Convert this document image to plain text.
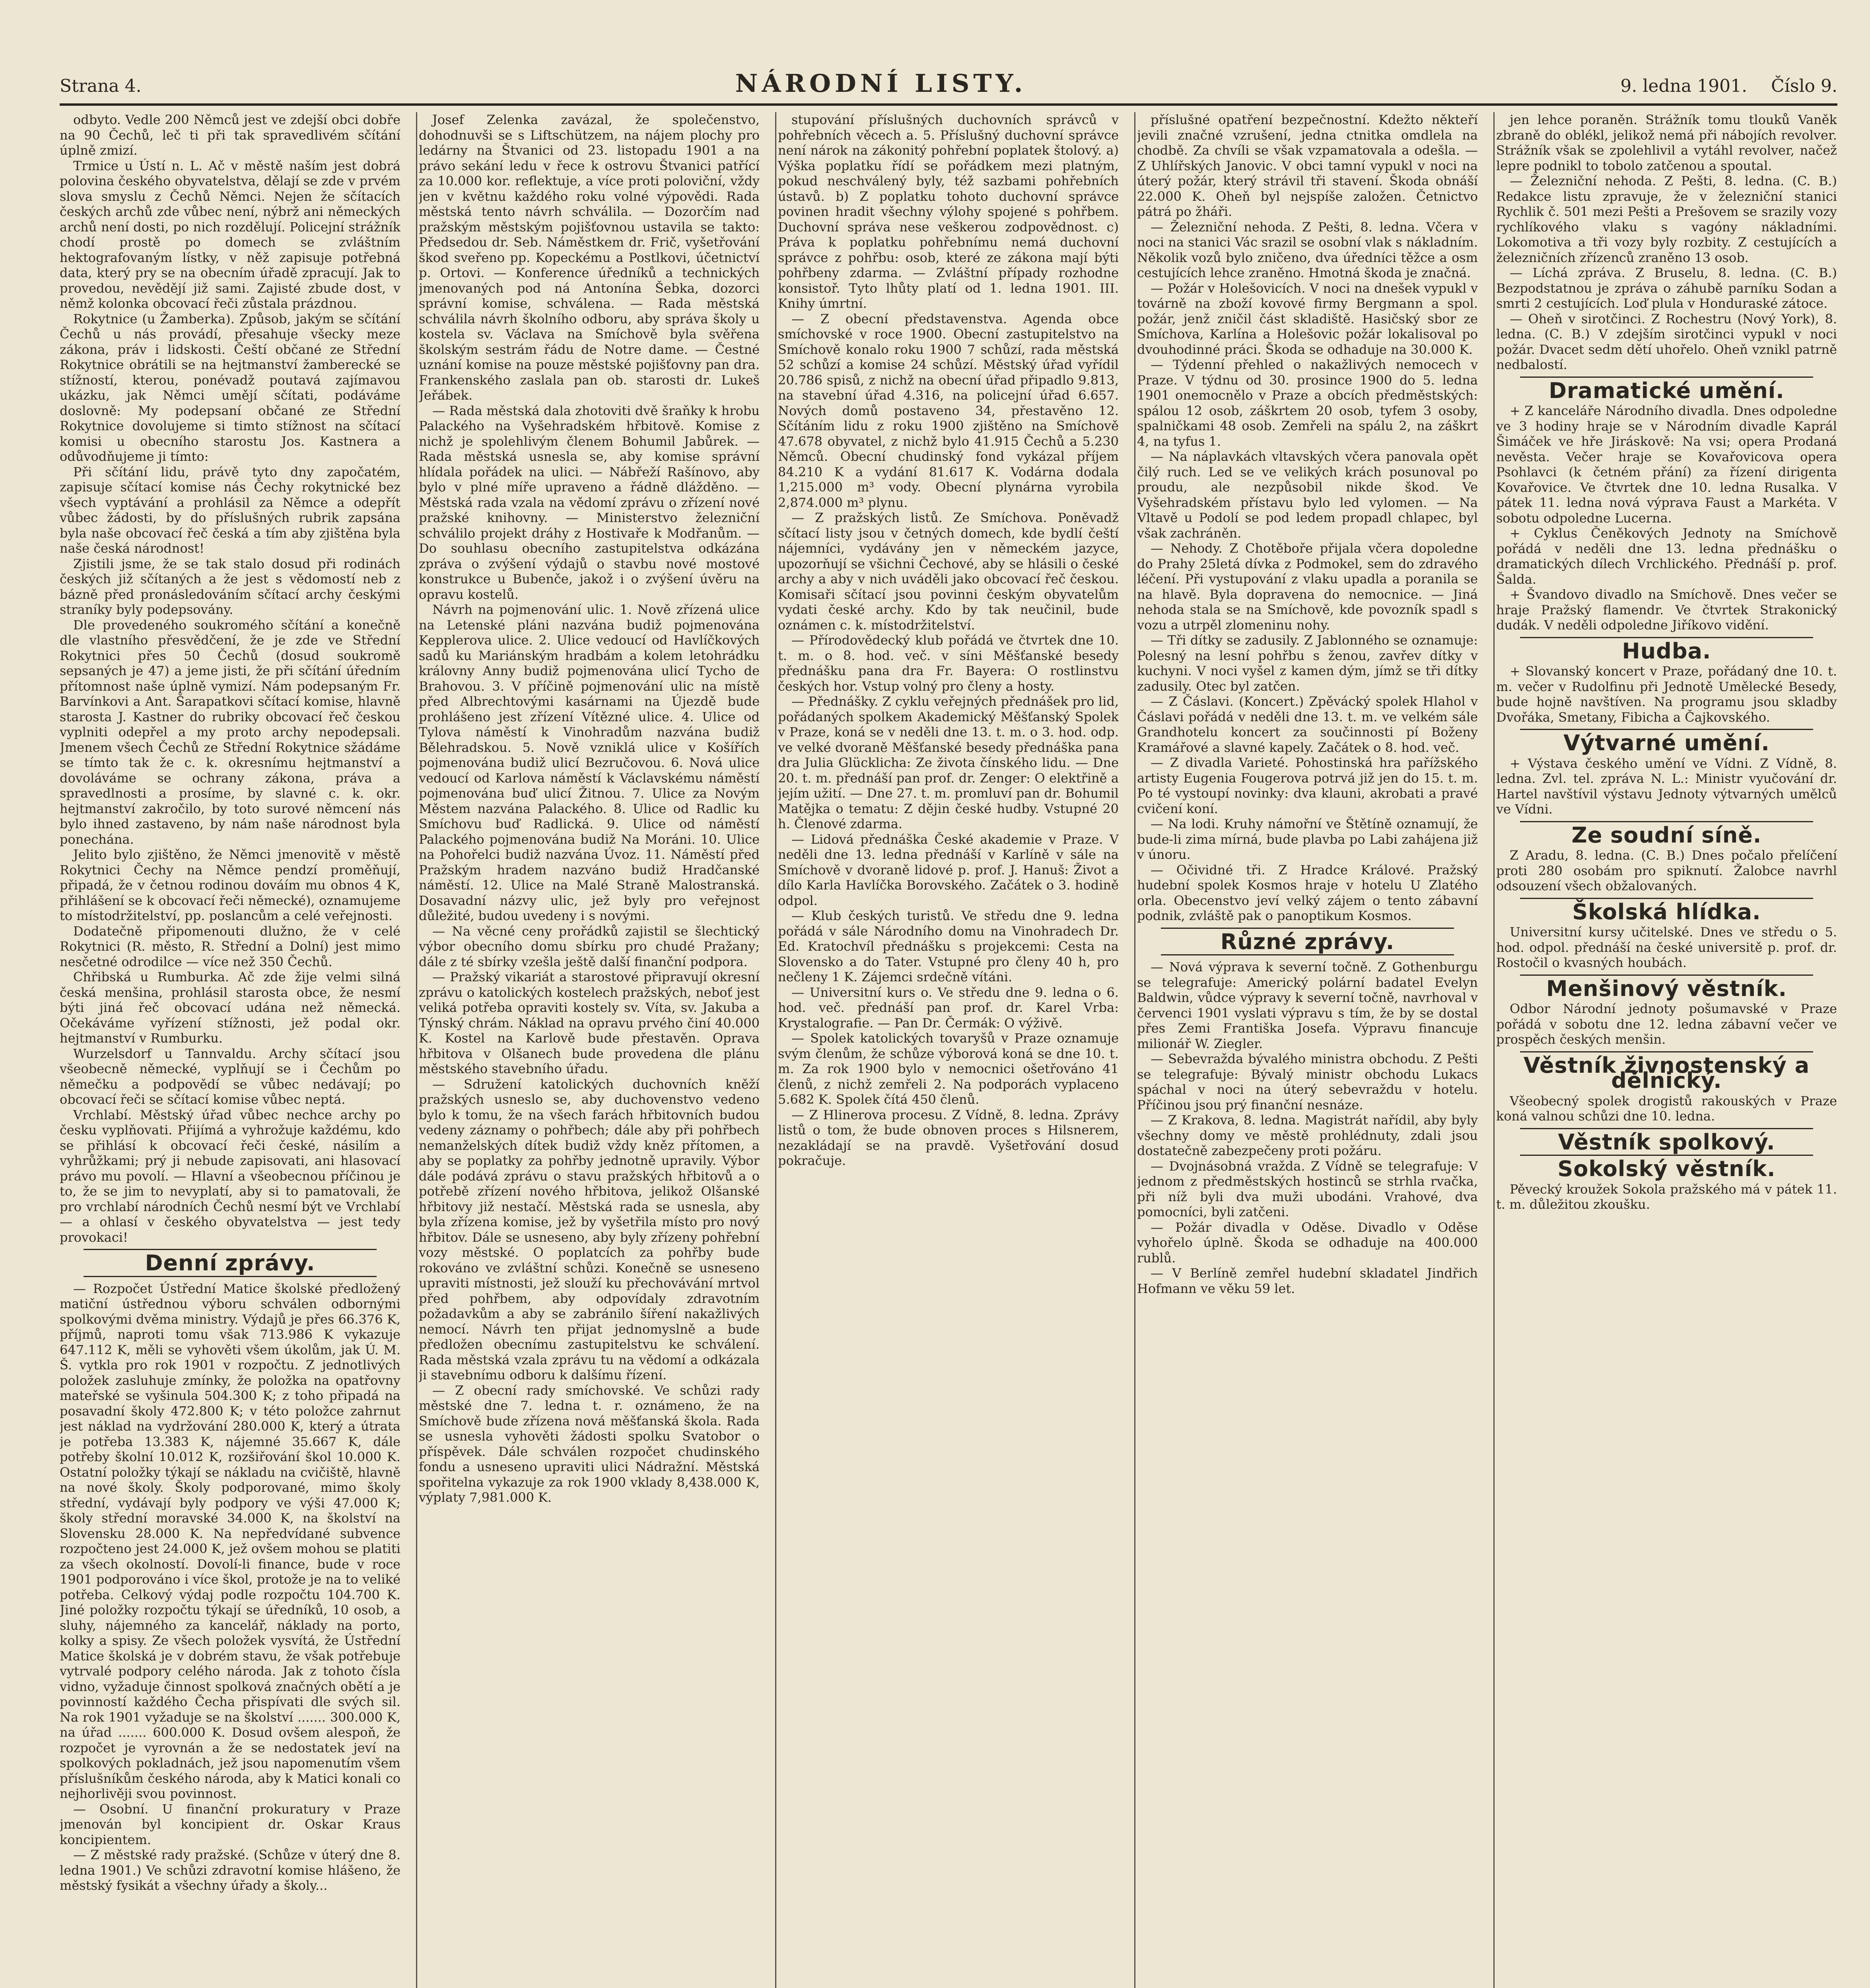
Strana 4.	NÁRODNÍ LISTY.	9. ledna 1901. Číslo 9.

odbyto. Vedle 200 Němců jest ve zdejší obci dobře na 90 Čechů, leč ti při tak spravedlivém sčítání úplně zmizí.

Trmice u Ústí n. L. Ač v městě naším jest dobrá polovina českého obyvatelstva, dělají se zde v prvém slova smyslu z Čechů Němci. Nejen že sčítacích českých archů zde vůbec není, nýbrž ani německých archů není dosti, po nich rozdělují. Policejní strážník chodí prostě po domech se zvláštním hektografovaným lístky, v něž zapisuje potřebná data, který pry se na obecním úřadě zpracují. Jak to provedou, nevědějí již sami. Zajisté zbude dost, v němž kolonka obcovací řeči zůstala prázdnou.

Rokytnice (u Žamberka). Způsob, jakým se sčítání Čechů u nás provádí, přesahuje všecky meze zákona, práv i lidskosti. Čeští občané ze Střední Rokytnice obrátili se na hejtmanství žamberecké se stížností, kterou, ponévadž poutavá zajímavou ukázku, jak Němci umějí sčítati, podáváme doslovně: My podepsaní občané ze Střední Rokytnice dovolujeme si timto stížnost na sčítací komisi u obecního starostu Jos. Kastnera a odůvodňujeme ji tímto:

Při sčítání lidu, právě tyto dny započatém, zapisuje sčítací komise nás Čechy rokytnické bez všech vyptávání a prohlásil za Němce a odepřít vůbec žádosti, by do příslušných rubrik zapsána byla naše obcovací řeč česká a tím aby zjištěna byla naše česká národnost!

Zjistili jsme, že se tak stalo dosud při rodinách českých již sčítaných a že jest s vědomostí neb z bázně před pronásledováním sčítací archy českými straníky byly podepsovány.

Dle provedeného soukromého sčítání a konečně dle vlastního přesvědčení, že je zde ve Střední Rokytnici přes 50 Čechů (dosud soukromě sepsaných je 47) a jeme jisti, že při sčítání úředním přítomnost naše úplně vymizí. Nám podepsaným Fr. Barvínkovi a Ant. Šarapatkovi sčítací komise, hlavně starosta J. Kastner do rubriky obcovací řeč českou vyplniti odepřel a my proto archy nepodepsali. Jmenem všech Čechů ze Střední Rokytnice sžádáme se tímto tak že c. k. okresnímu hejtmanství a dovoláváme se ochrany zákona, práva a spravedlnosti a prosíme, by slavné c. k. okr. hejtmanství zakročilo, by toto surové němcení nás bylo ihned zastaveno, by nám naše národnost byla ponechána.

Jelito bylo zjištěno, že Němci jmenovitě v městě Rokytnici Čechy na Němce pendzí proměňují, připadá, že v četnou rodinou dováím mu obnos 4 K, přihlášení se k obcovací řeči německé), oznamujeme to místodržitelství, pp. poslancům a celé veřejnosti.

Dodatečně připomenouti dlužno, že v celé Rokytnici (R. město, R. Střední a Dolní) jest mimo nesčetné odrodilce — více než 350 Čechů.

Chřibská u Rumburka. Ač zde žije velmi silná česká menšina, prohlásil starosta obce, že nesmí býti jiná řeč obcovací udána než německá. Očekáváme vyřízení stížnosti, jež podal okr. hejtmanství v Rumburku.

Wurzelsdorf u Tannvaldu. Archy sčítací jsou všeobecně německé, vyplňují se i Čechům po němečku a podpovědí se vůbec nedávají; po obcovací řeči se sčítací komise vůbec neptá.

Vrchlabí. Městský úřad vůbec nechce archy po česku vyplňovati. Přijímá a vyhrožuje každému, kdo se přihlásí k obcovací řeči české, násilím a vyhrůžkami; prý ji nebude zapisovati, ani hlasovací právo mu povolí. — Hlavní a všeobecnou příčinou je to, že se jim to nevyplatí, aby si to pamatovali, že pro vrchlabí národních Čechů nesmí být ve Vrchlabí — a ohlasí v českého obyvatelstva — jest tedy provokaci!

Denní zprávy.

— Rozpočet Ústřední Matice školské předložený matiční ústřednou výboru schválen odbornými spolkovými dvěma ministry. Výdajů je přes 66.376 K, příjmů, naproti tomu však 713.986 K vykazuje 647.112 K, měli se vyhověti všem úkolům, jak Ú. M. Š. vytkla pro rok 1901 v rozpočtu. Z jednotlivých položek zasluhuje zmínky, že položka na opatřovny mateřské se vyšinula 504.300 K; z toho připadá na posavadní školy 472.800 K; v této položce zahrnut jest náklad na vydržování 280.000 K, který a útrata je potřeba 13.383 K, nájemné 35.667 K, dále potřeby školní 10.012 K, rozšiřování škol 10.000 K. Ostatní položky týkají se nákladu na cvičiště, hlavně na nové školy. Školy podporované, mimo školy střední, vydávají byly podpory ve výši 47.000 K; školy střední moravské 34.000 K, na školství na Slovensku 28.000 K. Na nepředvídané subvence rozpočteno jest 24.000 K, jež ovšem mohou se platiti za všech okolností. Dovolí-li finance, bude v roce 1901 podporováno i více škol, protože je na to veliké potřeba. Celkový výdaj podle rozpočtu 104.700 K. Jiné položky rozpočtu týkají se úředníků, 10 osob, a sluhy, nájemného za kancelář, náklady na porto, kolky a spisy. Ze všech položek vysvítá, že Ústřední Matice školská je v dobrém stavu, že však potřebuje vytrvalé podpory celého národa. Jak z tohoto čísla vidno, vyžaduje činnost spolková značných obětí a je povinností každého Čecha přispívati dle svých sil. Na rok 1901 vyžaduje se na školství ....... 300.000 K, na úřad ....... 600.000 K. Dosud ovšem alespoň, že rozpočet je vyrovnán a že se nedostatek jeví na spolkových pokladnách, jež jsou napomenutím všem příslušníkům českého národa, aby k Matici konali co nejhorlivěji svou povinnost.

— Osobní. U finanční prokuratury v Praze jmenován byl koncipient dr. Oskar Kraus koncipientem.

— Z městské rady pražské. (Schůze v úterý dne 8. ledna 1901.) Ve schůzi zdravotní komise hlášeno, že městský fysikát a všechny úřady a školy...

Josef Zelenka zavázal, že společenstvo, dohodnuvši se s Liftschützem, na nájem plochy pro ledárny na Štvanici od 23. listopadu 1901 a na právo sekání ledu v řece k ostrovu Štvanici patřící za 10.000 kor. reflektuje, a více proti poloviční, vždy jen v květnu každého roku volné výpovědi. Rada městská tento návrh schválila. — Dozorčím nad pražským městským pojišťovnou ustavila se takto: Předsedou dr. Seb. Náměstkem dr. Frič, vyšetřování škod sveřeno pp. Kopeckému a Postlkovi, účetnictví p. Ortovi. — Konference úředníků a technických jmenovaných pod ná Antonína Šebka, dozorci správní komise, schválena. — Rada městská schválila návrh školního odboru, aby správa školy u kostela sv. Václava na Smíchově byla svěřena školským sestrám řádu de Notre dame. — Čestné uznání komise na pouze městské pojišťovny pan dra. Frankenského zaslala pan ob. starosti dr. Lukeš Jeřábek.

— Rada městská dala zhotoviti dvě šraňky k hrobu Palackého na Vyšehradském hřbitově. Komise z nichž je spolehlivým členem Bohumil Jabůrek. — Rada městská usnesla se, aby komise správní hlídala pořádek na ulici. — Nábřeží Rašínovo, aby bylo v plné míře upraveno a řádně dlážděno. — Městská rada vzala na vědomí zprávu o zřízení nové pražské knihovny. — Ministerstvo železniční schválilo projekt dráhy z Hostivaře k Modřanům. — Do souhlasu obecního zastupitelstva odkázána zpráva o zvýšení výdajů o stavbu nové mostové konstrukce u Bubenče, jakož i o zvýšení úvěru na opravu kostelů.

Návrh na pojmenování ulic. 1. Nově zřízená ulice na Letenské pláni nazvána budiž pojmenována Kepplerova ulice. 2. Ulice vedoucí od Havlíčkových sadů ku Mariánským hradbám a kolem letohrádku královny Anny budiž pojmenována ulicí Tycho de Brahovou. 3. V příčině pojmenování ulic na místě před Albrechtovými kasárnami na Újezdě bude prohlášeno jest zřízení Vítězné ulice. 4. Ulice od Tylova náměstí k Vinohradům nazvána budiž Bělehradskou. 5. Nově vzniklá ulice v Košířích pojmenována budiž ulicí Bezručovou. 6. Nová ulice vedoucí od Karlova náměstí k Václavskému náměstí pojmenována buď ulicí Žitnou. 7. Ulice za Novým Městem nazvána Palackého. 8. Ulice od Radlic ku Smíchovu buď Radlická. 9. Ulice od náměstí Palackého pojmenována budiž Na Moráni. 10. Ulice na Pohořelci budiž nazvána Úvoz. 11. Náměstí před Pražským hradem nazváno budiž Hradčanské náměstí. 12. Ulice na Malé Straně Malostranská. Dosavadní názvy ulic, jež byly pro veřejnost důležité, budou uvedeny i s novými.

— Na věcné ceny prořádků zajistil se šlechtický výbor obecního domu sbírku pro chudé Pražany; dále z té sbírky vzešla ještě další finanční podpora.

— Pražský vikariát a starostové připravují okresní zprávu o katolických kostelech pražských, neboť jest veliká potřeba opraviti kostely sv. Víta, sv. Jakuba a Týnský chrám. Náklad na opravu prvého činí 40.000 K. Kostel na Karlově bude přestavěn. Oprava hřbitova v Olšanech bude provedena dle plánu městského stavebního úřadu.

— Sdružení katolických duchovních kněží pražských usneslo se, aby duchovenstvo vedeno bylo k tomu, že na všech farách hřbitovních budou vedeny záznamy o pohřbech; dále aby při pohřbech nemanželských dítek budiž vždy kněz přítomen, a aby se poplatky za pohřby jednotně upravily. Výbor dále podává zprávu o stavu pražských hřbitovů a o potřebě zřízení nového hřbitova, jelikož Olšanské hřbitovy již nestačí. Městská rada se usnesla, aby byla zřízena komise, jež by vyšetřila místo pro nový hřbitov. Dále se usneseno, aby byly zřízeny pohřební vozy městské. O poplatcích za pohřby bude rokováno ve zvláštní schůzi. Konečně se usneseno upraviti místnosti, jež slouží ku přechovávání mrtvol před pohřbem, aby odpovídaly zdravotním požadavkům a aby se zabránilo šíření nakažlivých nemocí. Návrh ten přijat jednomyslně a bude předložen obecnímu zastupitelstvu ke schválení. Rada městská vzala zprávu tu na vědomí a odkázala ji stavebnímu odboru k dalšímu řízení.

— Z obecní rady smíchovské. Ve schůzi rady městské dne 7. ledna t. r. oznámeno, že na Smíchově bude zřízena nová měšťanská škola. Rada se usnesla vyhověti žádosti spolku Svatobor o příspěvek. Dále schválen rozpočet chudinského fondu a usneseno upraviti ulici Nádražní. Městská spořitelna vykazuje za rok 1900 vklady 8,438.000 K, výplaty 7,981.000 K.

stupování příslušných duchovních správců v pohřebních věcech a. 5. Příslušný duchovní správce není nárok na zákonitý pohřební poplatek štolový. a) Výška poplatku řídí se pořádkem mezi platným, pokud neschválený byly, též sazbami pohřebních ústavů. b) Z poplatku tohoto duchovní správce povinen hradit všechny výlohy spojené s pohřbem. Duchovní správa nese veškerou zodpovědnost. c) Práva k poplatku pohřebnímu nemá duchovní správce z pohřbu: osob, které ze zákona mají býti pohřbeny zdarma. — Zvláštní případy rozhodne konsistoř. Tyto lhůty platí od 1. ledna 1901. III. Knihy úmrtní.

— Z obecní představenstva. Agenda obce smíchovské v roce 1900. Obecní zastupitelstvo na Smíchově konalo roku 1900 7 schůzí, rada městská 52 schůzí a komise 24 schůzí. Městský úřad vyřídil 20.786 spisů, z nichž na obecní úřad připadlo 9.813, na stavební úřad 4.316, na policejní úřad 6.657. Nových domů postaveno 34, přestavěno 12. Sčítáním lidu z roku 1900 zjištěno na Smíchově 47.678 obyvatel, z nichž bylo 41.915 Čechů a 5.230 Němců. Obecní chudinský fond vykázal příjem 84.210 K a vydání 81.617 K. Vodárna dodala 1,215.000 m³ vody. Obecní plynárna vyrobila 2,874.000 m³ plynu.

— Z pražských listů. Ze Smíchova. Poněvadž sčítací listy jsou v četných domech, kde bydlí čeští nájemníci, vydávány jen v německém jazyce, upozorňují se všichni Čechové, aby se hlásili o české archy a aby v nich uváděli jako obcovací řeč českou. Komisaři sčítací jsou povinni českým obyvatelům vydati české archy. Kdo by tak neučinil, bude oznámen c. k. místodržitelství.

— Přírodovědecký klub pořádá ve čtvrtek dne 10. t. m. o 8. hod. več. v síni Měšťanské besedy přednášku pana dra Fr. Bayera: O rostlinstvu českých hor. Vstup volný pro členy a hosty.

— Přednášky. Z cyklu veřejných přednášek pro lid, pořádaných spolkem Akademický Měšťanský Spolek v Praze, koná se v neděli dne 13. t. m. o 3. hod. odp. ve velké dvoraně Měšťanské besedy přednáška pana dra Julia Glücklicha: Ze života čínského lidu. — Dne 20. t. m. přednáší pan prof. dr. Zenger: O elektřině a jejím užití. — Dne 27. t. m. promluví pan dr. Bohumil Matějka o tematu: Z dějin české hudby. Vstupné 20 h. Členové zdarma.

— Lidová přednáška České akademie v Praze. V neděli dne 13. ledna přednáší v Karlíně v sále na Smíchově v dvoraně lidové p. prof. J. Hanuš: Život a dílo Karla Havlíčka Borovského. Začátek o 3. hodině odpol.

— Klub českých turistů. Ve středu dne 9. ledna pořádá v sále Národního domu na Vinohradech Dr. Ed. Kratochvíl přednášku s projekcemi: Cesta na Slovensko a do Tater. Vstupné pro členy 40 h, pro nečleny 1 K. Zájemci srdečně vítáni.

— Universitní kurs o. Ve středu dne 9. ledna o 6. hod. več. přednáší pan prof. dr. Karel Vrba: Krystalografie. — Pan Dr. Čermák: O výživě.

— Spolek katolických tovaryšů v Praze oznamuje svým členům, že schůze výborová koná se dne 10. t. m. Za rok 1900 bylo v nemocnici ošetřováno 41 členů, z nichž zemřeli 2. Na podporách vyplaceno 5.682 K. Spolek čítá 450 členů.

— Z Hlinerova procesu. Z Vídně, 8. ledna. Zprávy listů o tom, že bude obnoven proces s Hilsnerem, nezakládají se na pravdě. Vyšetřování dosud pokračuje.

příslušné opatření bezpečnostní. Kdežto někteří jevili značné vzrušení, jedna ctnitka omdlela na chodbě. Za chvíli se však vzpamatovala a odešla. — Z Uhlířských Janovic. V obci tamní vypukl v noci na úterý požár, který strávil tři stavení. Škoda obnáší 22.000 K. Oheň byl nejspíše založen. Četnictvo pátrá po žháři.

— Železniční nehoda. Z Pešti, 8. ledna. Včera v noci na stanici Vác srazil se osobní vlak s nákladním. Několik vozů bylo zničeno, dva úředníci těžce a osm cestujících lehce zraněno. Hmotná škoda je značná.

— Požár v Holešovicích. V noci na dnešek vypukl v továrně na zboží kovové firmy Bergmann a spol. požár, jenž zničil část skladiště. Hasičský sbor ze Smíchova, Karlína a Holešovic požár lokalisoval po dvouhodinné práci. Škoda se odhaduje na 30.000 K.

— Týdenní přehled o nakažlivých nemocech v Praze. V týdnu od 30. prosince 1900 do 5. ledna 1901 onemocnělo v Praze a obcích předměstských: spálou 12 osob, záškrtem 20 osob, tyfem 3 osoby, spalničkami 48 osob. Zemřeli na spálu 2, na záškrt 4, na tyfus 1.

— Na náplavkách vltavských včera panovala opět čilý ruch. Led se ve velikých krách posunoval po proudu, ale nezpůsobil nikde škod. Ve Vyšehradském přístavu bylo led vylomen. — Na Vltavě u Podolí se pod ledem propadl chlapec, byl však zachráněn.

— Nehody. Z Chotěboře přijala včera dopoledne do Prahy 25letá dívka z Podmokel, sem do zdravého léčení. Při vystupování z vlaku upadla a poranila se na hlavě. Byla dopravena do nemocnice. — Jiná nehoda stala se na Smíchově, kde povozník spadl s vozu a utrpěl zlomeninu nohy.

— Tři dítky se zadusily. Z Jablonného se oznamuje: Polesný na lesní pohřbu s ženou, zavřev dítky v kuchyni. V noci vyšel z kamen dým, jímž se tři dítky zadusily. Otec byl zatčen.

— Z Čáslavi. (Koncert.) Zpěvácký spolek Hlahol v Čáslavi pořádá v neděli dne 13. t. m. ve velkém sále Grandhotelu koncert za součinnosti pí Boženy Kramářové a slavné kapely. Začátek o 8. hod. več.

— Z divadla Varieté. Pohostinská hra pařížského artisty Eugenia Fougerova potrvá již jen do 15. t. m. Po té vystoupí novinky: dva klauni, akrobati a pravé cvičení koní.

— Na lodi. Kruhy námořní ve Štětíně oznamují, že bude-li zima mírná, bude plavba po Labi zahájena již v únoru.

— Očividné tři. Z Hradce Králové. Pražský hudební spolek Kosmos hraje v hotelu U Zlatého orla. Obecenstvo jeví velký zájem o tento zábavní podnik, zvláště pak o panoptikum Kosmos.

Různé zprávy.

— Nová výprava k severní točně. Z Gothenburgu se telegrafuje: Americký polární badatel Evelyn Baldwin, vůdce výpravy k severní točně, navrhoval v červenci 1901 vyslati výpravu s tím, že by se dostal přes Zemi Františka Josefa. Výpravu financuje milionář W. Ziegler.

— Sebevražda bývalého ministra obchodu. Z Pešti se telegrafuje: Bývalý ministr obchodu Lukacs spáchal v noci na úterý sebevraždu v hotelu. Příčinou jsou prý finanční nesnáze.

— Z Krakova, 8. ledna. Magistrát nařídil, aby byly všechny domy ve městě prohlédnuty, zdali jsou dostatečně zabezpečeny proti požáru.

— Dvojnásobná vražda. Z Vídně se telegrafuje: V jednom z předměstských hostinců se strhla rvačka, při níž byli dva muži ubodáni. Vrahové, dva pomocníci, byli zatčeni.

— Požár divadla v Oděse. Divadlo v Oděse vyhořelo úplně. Škoda se odhaduje na 400.000 rublů.

— V Berlíně zemřel hudební skladatel Jindřich Hofmann ve věku 59 let.

jen lehce poraněn. Strážník tomu tlouků Vaněk zbraně do oblékl, jelikož nemá při nábojích revolver. Strážník však se zpolehlivil a vytáhl revolver, načež lepre podnikl to tobolo zatčenou a spoutal.

— Železniční nehoda. Z Pešti, 8. ledna. (C. B.) Redakce listu zpravuje, že v železniční stanici Rychlik č. 501 mezi Pešti a Prešovem se srazily vozy rychlíkového vlaku s vagóny nákladními. Lokomotiva a tři vozy byly rozbity. Z cestujících a železničních zřízenců zraněno 13 osob.

— Líchá zpráva. Z Bruselu, 8. ledna. (C. B.) Bezpodstatnou je zpráva o záhubě parníku Sodan a smrti 2 cestujících. Loď plula v Honduraské zátoce.

— Oheň v sirotčinci. Z Rochestru (Nový York), 8. ledna. (C. B.) V zdejším sirotčinci vypukl v noci požár. Dvacet sedm dětí uhořelo. Oheň vznikl patrně nedbalostí.

Dramatické umění.

+ Z kanceláře Národního divadla. Dnes odpoledne ve 3 hodiny hraje se v Národním divadle Kaprál Šimáček ve hře Jiráskově: Na vsi; opera Prodaná nevěsta. Večer hraje se Kovařovicova opera Psohlavci (k četném přání) za řízení dirigenta Kovařovice. Ve čtvrtek dne 10. ledna Rusalka. V pátek 11. ledna nová výprava Faust a Markéta. V sobotu odpoledne Lucerna.

+ Cyklus Čeněkových Jednoty na Smíchově pořádá v neděli dne 13. ledna přednášku o dramatických dílech Vrchlického. Přednáší p. prof. Šalda.

+ Švandovo divadlo na Smíchově. Dnes večer se hraje Pražský flamendr. Ve čtvrtek Strakonický dudák. V neděli odpoledne Jiříkovo vidění.

Hudba.

+ Slovanský koncert v Praze, pořádaný dne 10. t. m. večer v Rudolfinu při Jednotě Umělecké Besedy, bude hojně navštíven. Na programu jsou skladby Dvořáka, Smetany, Fibicha a Čajkovského.

Výtvarné umění.

+ Výstava českého umění ve Vídni. Z Vídně, 8. ledna. Zvl. tel. zpráva N. L.: Ministr vyučování dr. Hartel navštívil výstavu Jednoty výtvarných umělců ve Vídni.

Ze soudní síně.

Z Aradu, 8. ledna. (C. B.) Dnes počalo přelíčení proti 280 osobám pro spiknutí. Žalobce navrhl odsouzení všech obžalovaných.

Školská hlídka.

Universitní kursy učitelské. Dnes ve středu o 5. hod. odpol. přednáší na české universitě p. prof. dr. Rostočil o kvasných houbách.

Menšinový věstník.

Odbor Národní jednoty pošumavské v Praze pořádá v sobotu dne 12. ledna zábavní večer ve prospěch českých menšin.

Věstník živnostenský a dělnický.

Všeobecný spolek drogistů rakouských v Praze koná valnou schůzi dne 10. ledna.

Věstník spolkový.
Sokolský věstník.

Pěvecký kroužek Sokola pražského má v pátek 11. t. m. důležitou zkoušku.
